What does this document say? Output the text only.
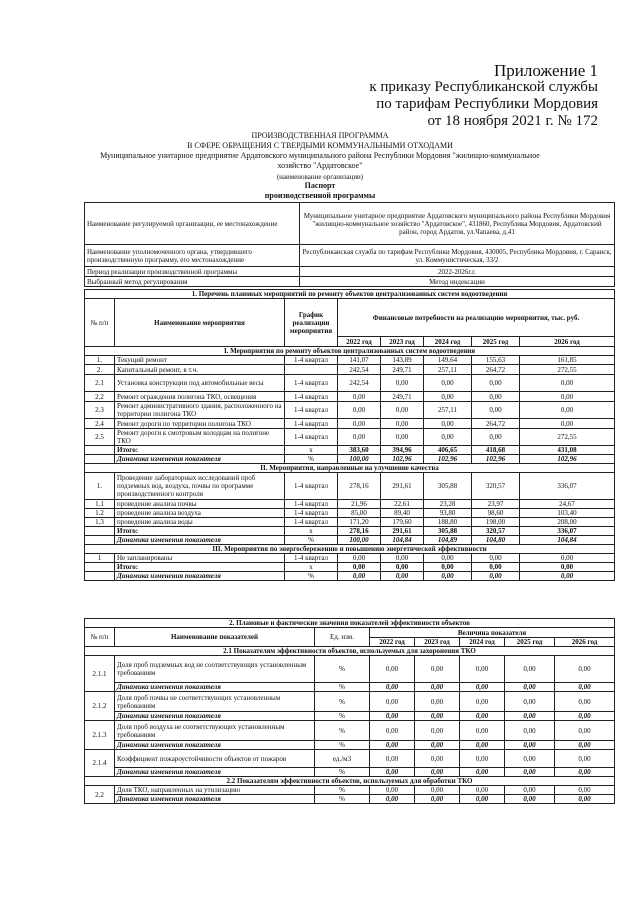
Приложение 1
к приказу Республиканской службы
по тарифам Республики Мордовия
от 18 ноября 2021 г. № 172
ПРОИЗВОДСТВЕННАЯ ПРОГРАММА
В СФЕРЕ ОБРАЩЕНИЯ С ТВЕРДЫМИ КОММУНАЛЬНЫМИ ОТХОДАМИ
Муниципальное унитарное предприятие Ардатовского муниципального района Республики Мордовия "жилищно-коммунальное
хозяйство "Ардатовское"
(наименование организации)
Паспорт
производственной программы
Наименование регулируемой организации, ее местонахождение	Муниципальное унитарное предприятие Ардатовского муниципального района Республики Мордовия "жилищно-коммунальное хозяйство "Ардатовское", 431860, Республика Мордовия, Ардатовский район, город Ардатов, ул.Чапаева, д.41
Наименование уполномоченного органа, утвердившего производственную программу, его местонахождение	Республиканская служба по тарифам Республики Мордовия, 430005, Республика Мордовия, г. Саранск, ул. Коммунистическая, 33/2
Период реализации производственной программы	2022-2026г.г.
Выбранный метод регулирования	Метод индексации
1. Перечень плановых мероприятий по ремонту объектов централизованных систем водоотведения							
№ п/п	Наименование мероприятия	График реализации мероприятия	Финансовые потребности на реализацию мероприятия, тыс. руб.				
			2022 год	2023 год	2024 год	2025 год	2026 год
I. Мероприятия по ремонту объектов централизованных систем водоотведения							
1.	Текущий ремонт	1-4 квартал	141,07	143,89	149,64	155,63	161,85
2.	Капитальный ремонт, в т.ч.		242,54	249,71	257,11	264,72	272,55
2.1	Установка конструкции под автомобильные весы	1-4 квартал	242,54	0,00	0,00	0,00	0,00
2.2	Ремонт ограждения полигона ТКО, освещения	1-4 квартал	0,00	249,71	0,00	0,00	0,00
2.3	Ремонт административного здания, расположенного на территории полигона ТКО	1-4 квартал	0,00	0,00	257,11	0,00	0,00
2.4	Ремонт дороги по территории полигона ТКО	1-4 квартал	0,00	0,00	0,00	264,72	0,00
2.5	Ремонт дороги к смотровым колодцам на полигоне ТКО	1-4 квартал	0,00	0,00	0,00	0,00	272,55
	Итого:	х	383,60	394,96	406,65	418,68	431,08
	Динамика изменения показателя	%	100,00	102,96	102,96	102,96	102,96
II. Мероприятия, направленные на улучшение качества							
1.	Проведение лабораторных исследований проб подземных вод, воздуха, почвы по программе производственного контроля	1-4 квартал	278,16	291,61	305,88	320,57	336,07
1.1	проведение анализа почвы	1-4 квартал	21,96	22,61	23,28	23,97	24,67
1.2	проведение анализа воздуха	1-4 квартал	85,00	89,40	93,80	98,60	103,40
1.3	проведение анализа воды	1-4 квартал	171,20	179,60	188,80	198,00	208,00
	Итого:	х	278,16	291,61	305,88	320,57	336,07
	Динамика изменения показателя	%	100,00	104,84	104,89	104,80	104,84
III. Мероприятия по энергосбережению и повышению энергетической эффективности							
1	Не запланированы	1-4 квартал	0,00	0,00	0,00	0,00	0,00
	Итого:	х	0,00	0,00	0,00	0,00	0,00
	Динамика изменения показателя	%	0,00	0,00	0,00	0,00	0,00
2. Плановые и фактические значения показателей эффективности объектов							
№ п/п	Наименование показателей	Ед. изм.	Величина показателя				
			2022 год	2023 год	2024 год	2025 год	2026 год
2.1 Показателям эффективности объектов, используемых для захоронения ТКО							
2.1.1	Доля проб подземных вод не соответствующих установленным требованиям	%	0,00	0,00	0,00	0,00	0,00
	Динамика изменения показателя	%	0,00	0,00	0,00	0,00	0,00
2.1.2	Доля проб почвы не соответствующих установленным требованиям	%	0,00	0,00	0,00	0,00	0,00
	Динамика изменения показателя	%	0,00	0,00	0,00	0,00	0,00
2.1.3	Доля проб воздуха не соответствующих установленным требованиям	%	0,00	0,00	0,00	0,00	0,00
	Динамика изменения показателя	%	0,00	0,00	0,00	0,00	0,00
2.1.4	Коэффициент пожароустойчивости объектов от пожаров	ед./м3	0,00	0,00	0,00	0,00	0,00
	Динамика изменения показателя	%	0,00	0,00	0,00	0,00	0,00
2.2 Показателям эффективности объектов, используемых для обработки ТКО							
2.2	Доля ТКО, направленных на утилизацию	%	0,00	0,00	0,00	0,00	0,00
	Динамика изменения показателя	%	0,00	0,00	0,00	0,00	0,00
